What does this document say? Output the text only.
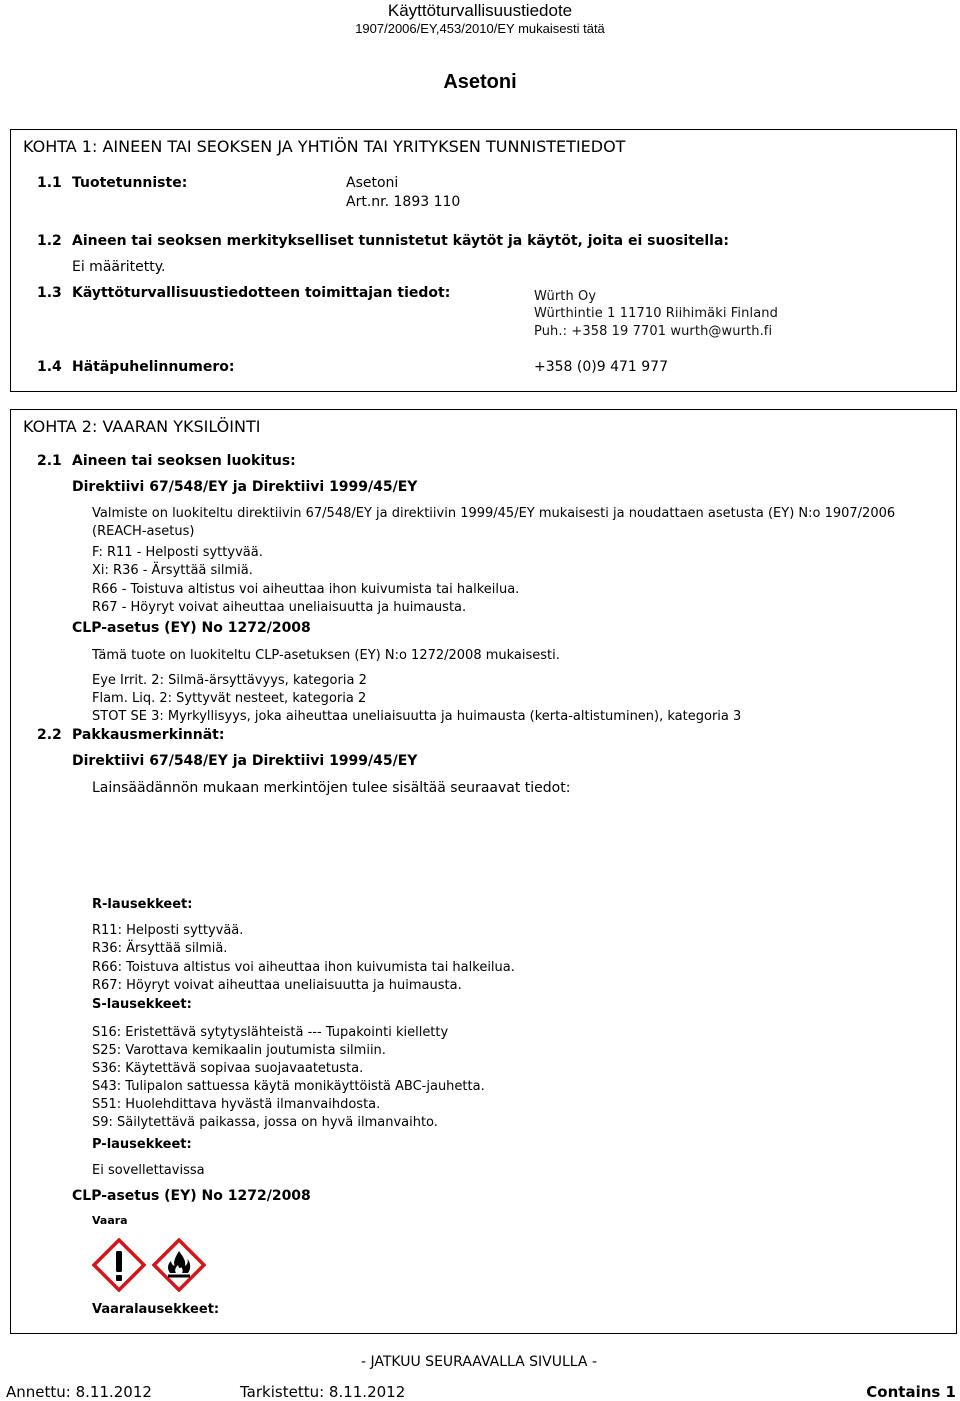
Käyttöturvallisuustiedote
1907/2006/EY,453/2010/EY mukaisesti tätä
Asetoni
KOHTA 1: AINEEN TAI SEOKSEN JA YHTIÖN TAI YRITYKSEN TUNNISTETIEDOT
1.1 Tuotetunniste:	Asetoni
Art.nr. 1893 110
1.2 Aineen tai seoksen merkitykselliset tunnistetut käytöt ja käytöt, joita ei suositella:
Ei määritetty.
1.3 Käyttöturvallisuustiedotteen toimittajan tiedot:	Würth Oy
Würthintie 1 11710 Riihimäki Finland
Puh.: +358 19 7701 wurth@wurth.fi
1.4 Hätäpuhelinnumero:	+358 (0)9 471 977
KOHTA 2: VAARAN YKSILÖINTI
2.1 Aineen tai seoksen luokitus:
Direktiivi 67/548/EY ja Direktiivi 1999/45/EY
Valmiste on luokiteltu direktiivin 67/548/EY ja direktiivin 1999/45/EY mukaisesti ja noudattaen asetusta (EY) N:o 1907/2006
(REACH-asetus)
F: R11 - Helposti syttyvää.
Xi: R36 - Ärsyttää silmiä.
R66 - Toistuva altistus voi aiheuttaa ihon kuivumista tai halkeilua.
R67 - Höyryt voivat aiheuttaa uneliaisuutta ja huimausta.
CLP-asetus (EY) No 1272/2008
Tämä tuote on luokiteltu CLP-asetuksen (EY) N:o 1272/2008 mukaisesti.
Eye Irrit. 2: Silmä-ärsyttävyys, kategoria 2
Flam. Liq. 2: Syttyvät nesteet, kategoria 2
STOT SE 3: Myrkyllisyys, joka aiheuttaa uneliaisuutta ja huimausta (kerta-altistuminen), kategoria 3
2.2 Pakkausmerkinnät:
Direktiivi 67/548/EY ja Direktiivi 1999/45/EY
Lainsäädännön mukaan merkintöjen tulee sisältää seuraavat tiedot:
R-lausekkeet:
R11: Helposti syttyvää.
R36: Ärsyttää silmiä.
R66: Toistuva altistus voi aiheuttaa ihon kuivumista tai halkeilua.
R67: Höyryt voivat aiheuttaa uneliaisuutta ja huimausta.
S-lausekkeet:
S16: Eristettävä sytytyslähteistä --- Tupakointi kielletty
S25: Varottava kemikaalin joutumista silmiin.
S36: Käytettävä sopivaa suojavaatetusta.
S43: Tulipalon sattuessa käytä monikäyttöistä ABC-jauhetta.
S51: Huolehdittava hyvästä ilmanvaihdosta.
S9: Säilytettävä paikassa, jossa on hyvä ilmanvaihto.
P-lausekkeet:
Ei sovellettavissa
CLP-asetus (EY) No 1272/2008
Vaara
Vaaralausekkeet:
- JATKUU SEURAAVALLA SIVULLA -
Annettu: 8.11.2012	Tarkistettu: 8.11.2012	Contains 1
